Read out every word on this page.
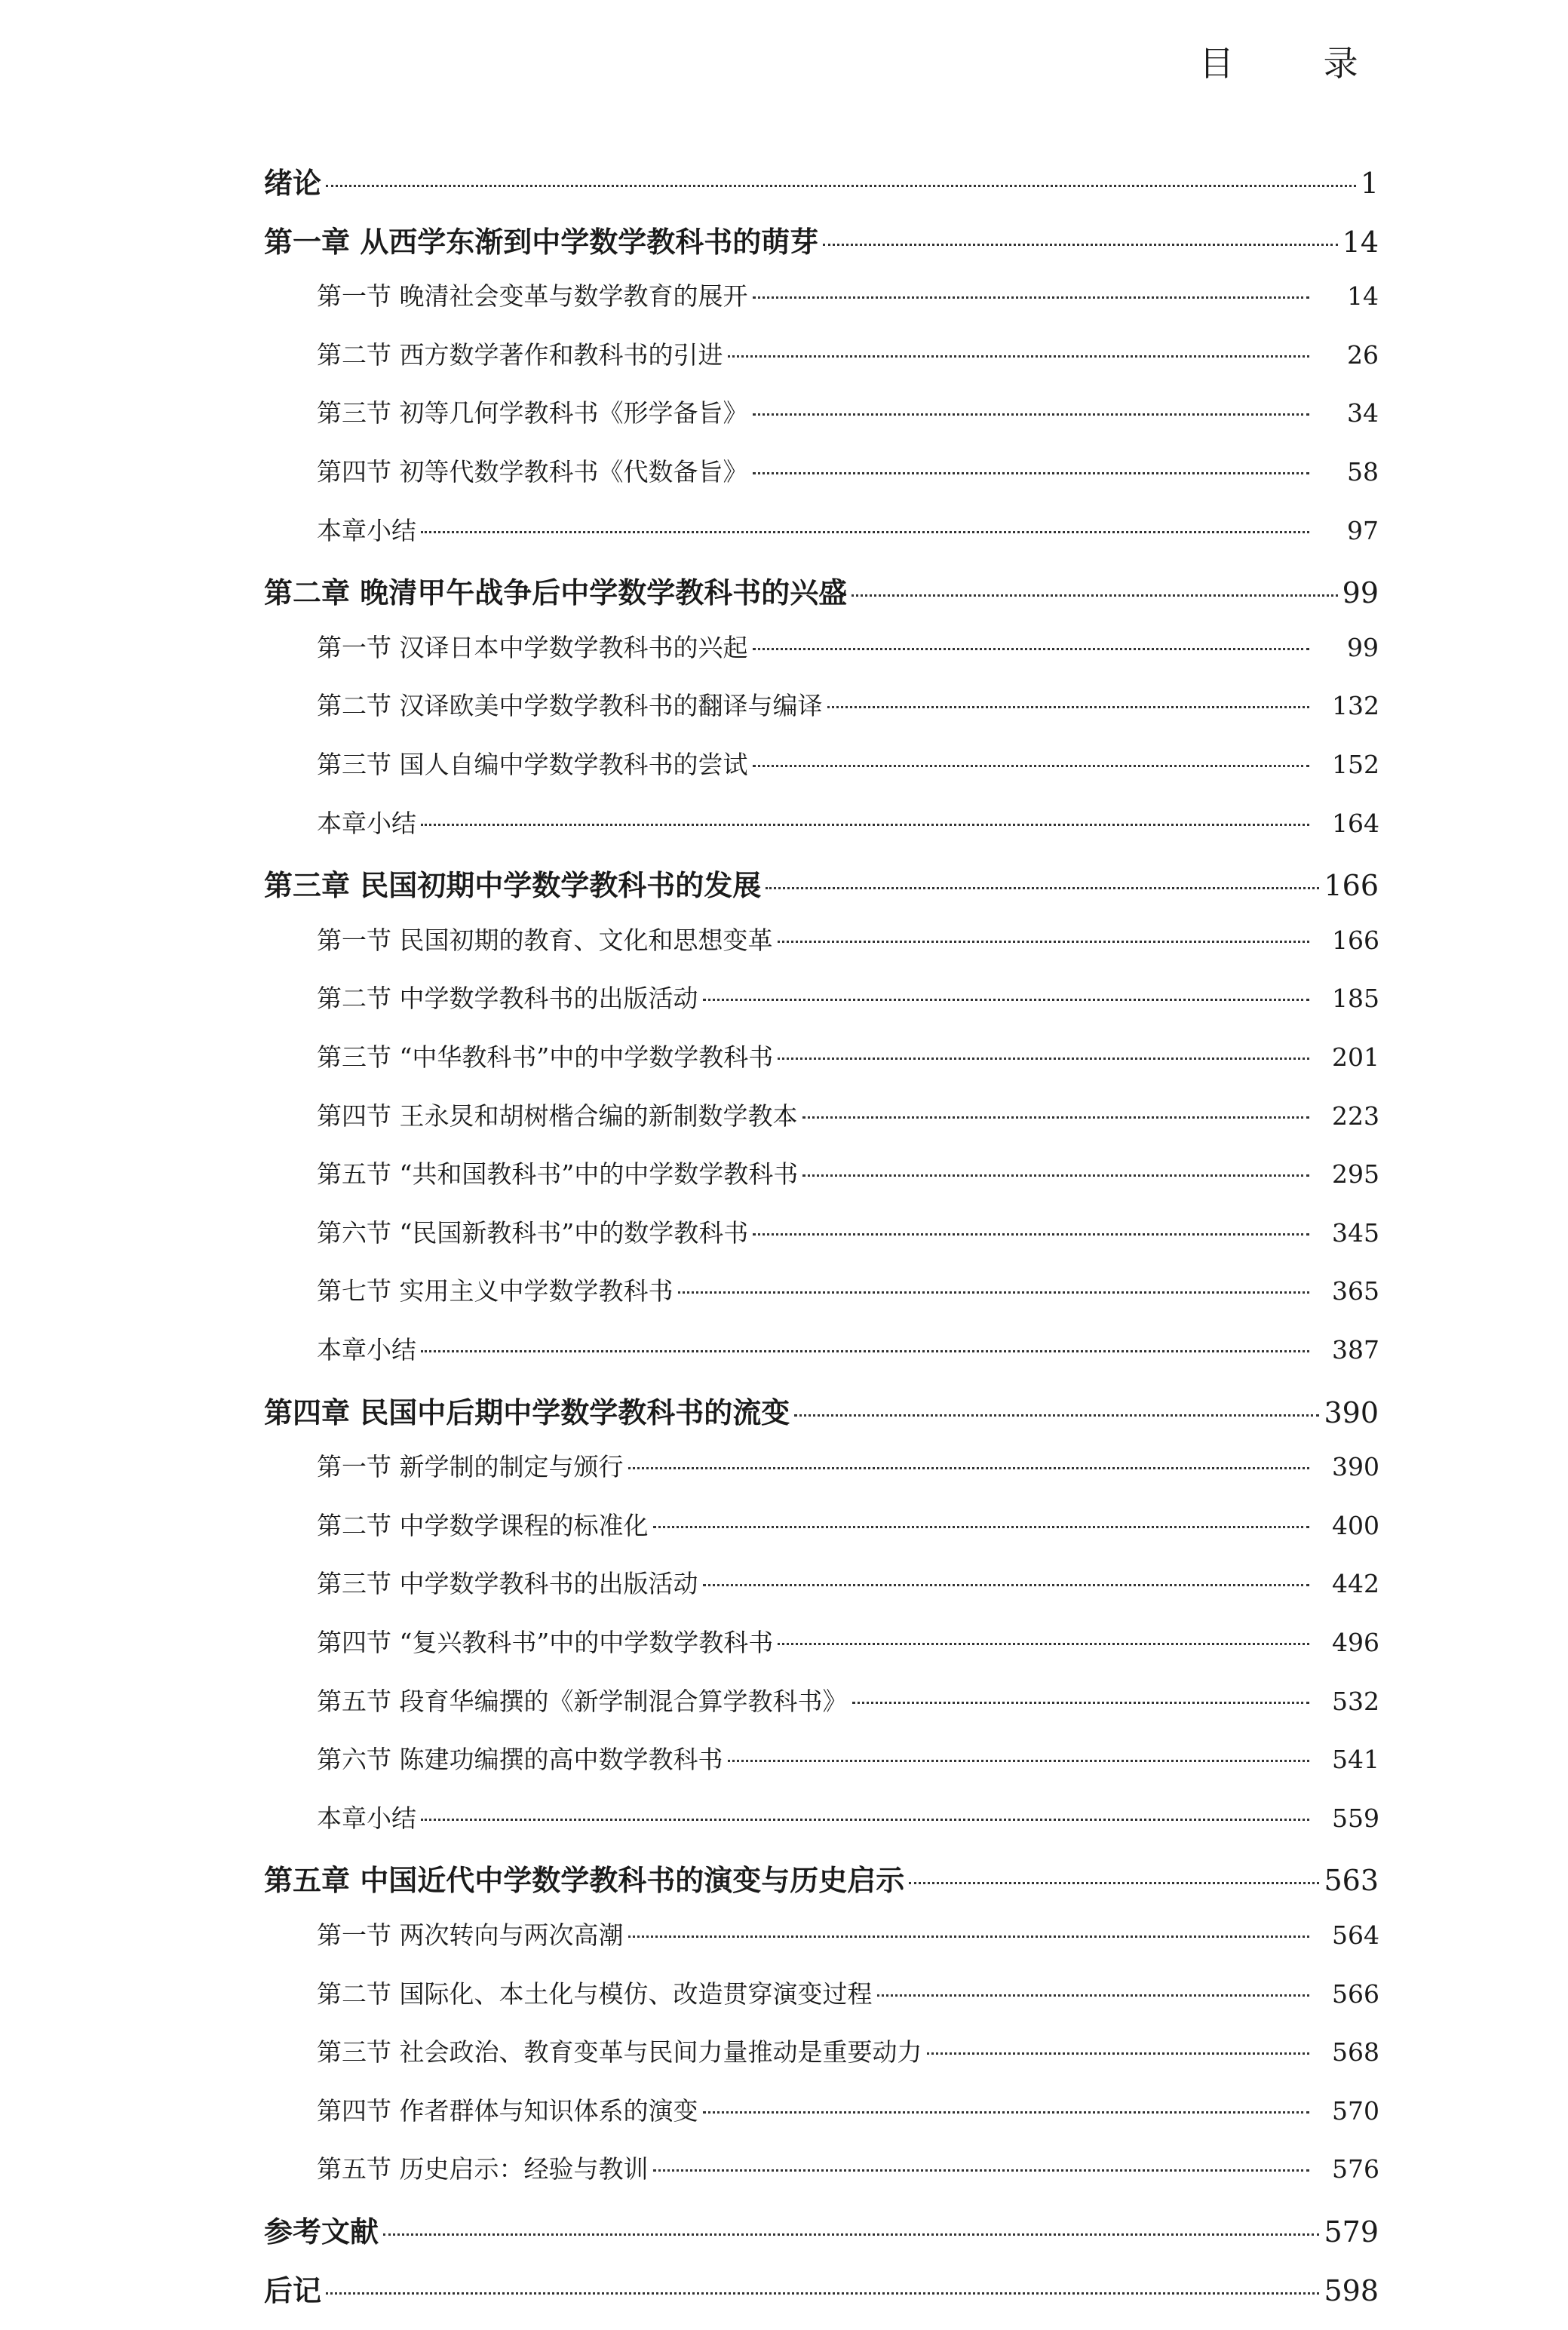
目 录
绪论	1
第一章 从西学东渐到中学数学教科书的萌芽	14
第一节 晚清社会变革与数学教育的展开	14
第二节 西方数学著作和教科书的引进	26
第三节 初等几何学教科书《形学备旨》	34
第四节 初等代数学教科书《代数备旨》	58
本章小结	97
第二章 晚清甲午战争后中学数学教科书的兴盛	99
第一节 汉译日本中学数学教科书的兴起	99
第二节 汉译欧美中学数学教科书的翻译与编译	132
第三节 国人自编中学数学教科书的尝试	152
本章小结	164
第三章 民国初期中学数学教科书的发展	166
第一节 民国初期的教育、文化和思想变革	166
第二节 中学数学教科书的出版活动	185
第三节 “中华教科书”中的中学数学教科书	201
第四节 王永炅和胡树楷合编的新制数学教本	223
第五节 “共和国教科书”中的中学数学教科书	295
第六节 “民国新教科书”中的数学教科书	345
第七节 实用主义中学数学教科书	365
本章小结	387
第四章 民国中后期中学数学教科书的流变	390
第一节 新学制的制定与颁行	390
第二节 中学数学课程的标准化	400
第三节 中学数学教科书的出版活动	442
第四节 “复兴教科书”中的中学数学教科书	496
第五节 段育华编撰的《新学制混合算学教科书》	532
第六节 陈建功编撰的高中数学教科书	541
本章小结	559
第五章 中国近代中学数学教科书的演变与历史启示	563
第一节 两次转向与两次高潮	564
第二节 国际化、本土化与模仿、改造贯穿演变过程	566
第三节 社会政治、教育变革与民间力量推动是重要动力	568
第四节 作者群体与知识体系的演变	570
第五节 历史启示：经验与教训	576
参考文献	579
后记	598
